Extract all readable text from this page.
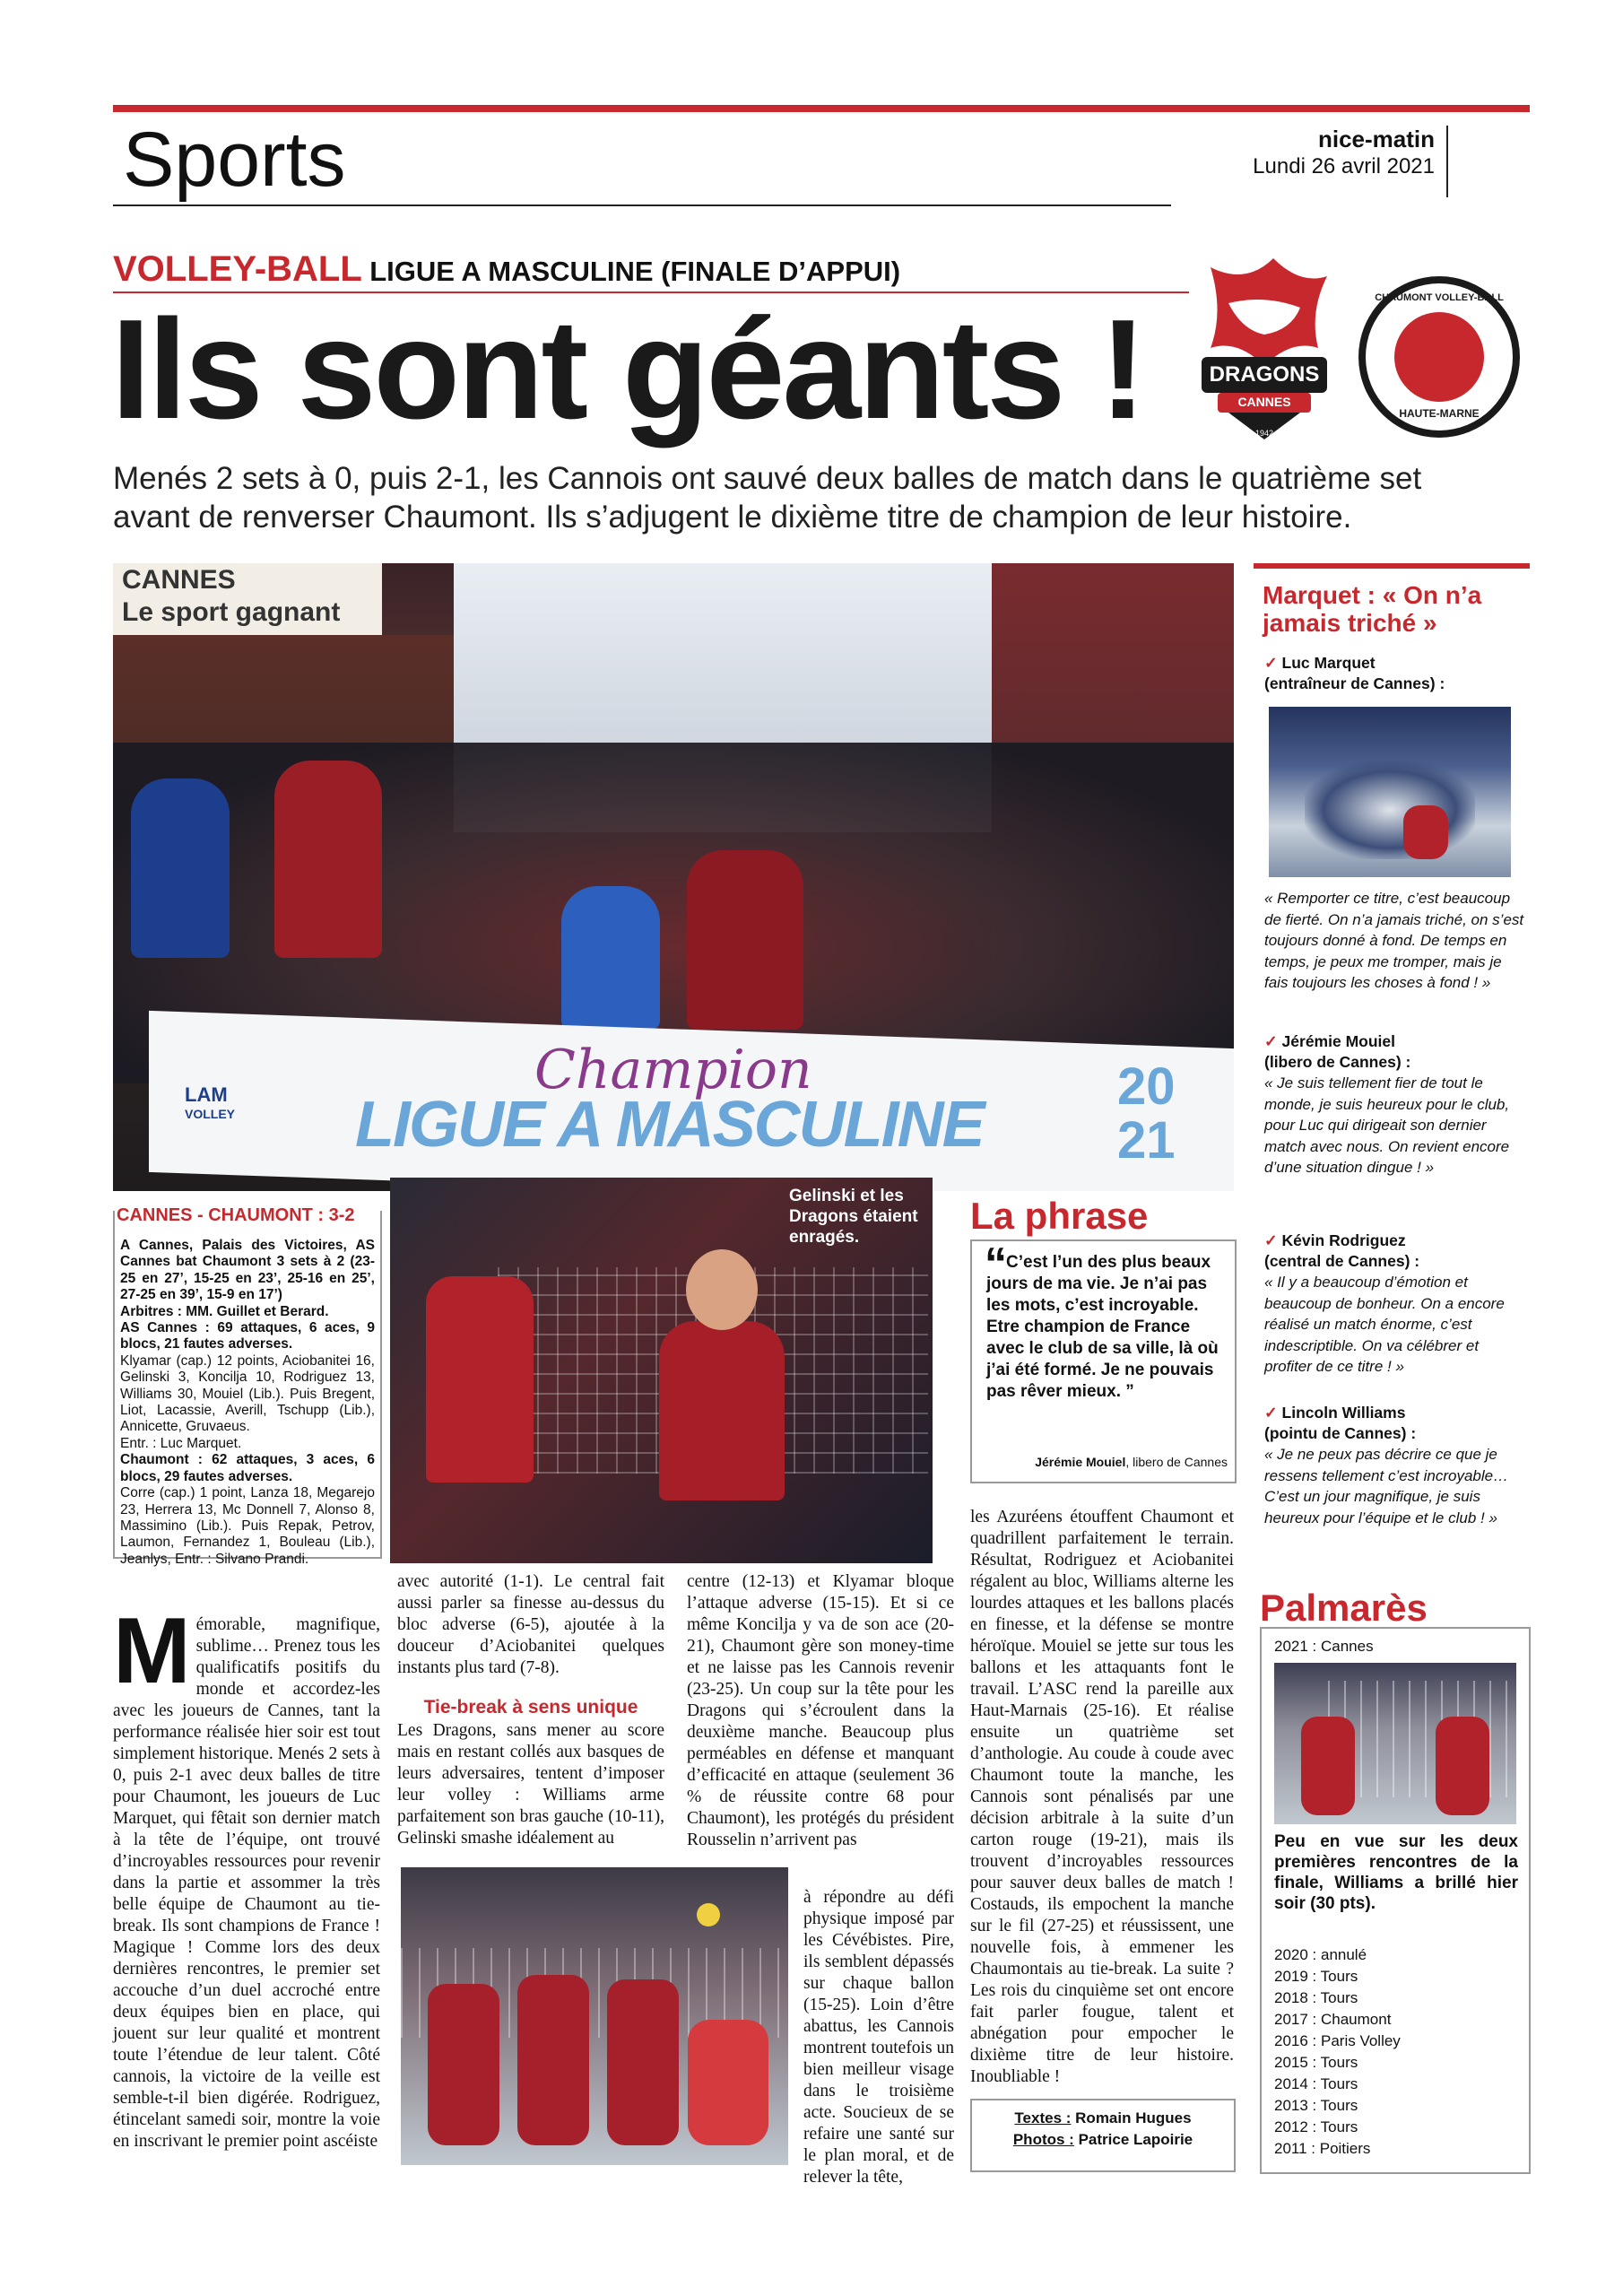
Sports	nice-matin
Lundi 26 avril 2021
VOLLEY-BALL LIGUE A MASCULINE (FINALE D’APPUI)
Ils sont géants !
Menés 2 sets à 0, puis 2-1, les Cannois ont sauvé deux balles de match dans le quatrième set avant de renverser Chaumont. Ils s’adjugent le dixième titre de champion de leur histoire.
DRAGONS
CANNES
1942
CHAUMONT VOLLEY-BALL
HAUTE-MARNE
CANNES
Le sport gagnant
LAM
VOLLEY
Champion
LIGUE A MASCULINE
20
21
Gelinski et les Dragons étaient enragés.
CANNES - CHAUMONT : 3-2
A Cannes, Palais des Victoires, AS Cannes bat Chaumont 3 sets à 2 (23-25 en 27’, 15-25 en 23’, 25-16 en 25’, 27-25 en 39’, 15-9 en 17’)
Arbitres : MM. Guillet et Berard.
AS Cannes : 69 attaques, 6 aces, 9 blocs, 21 fautes adverses.
Klyamar (cap.) 12 points, Aciobanitei 16, Gelinski 3, Koncilja 10, Rodriguez 13, Williams 30, Mouiel (Lib.). Puis Bregent, Liot, Lacassie, Averill, Tschupp (Lib.), Annicette, Gruvaeus.
Entr. : Luc Marquet.
Chaumont : 62 attaques, 3 aces, 6 blocs, 29 fautes adverses.
Corre (cap.) 1 point, Lanza 18, Megarejo 23, Herrera 13, Mc Donnell 7, Alonso 8, Massimino (Lib.). Puis Repak, Petrov, Laumon, Fernandez 1, Bouleau (Lib.), Jeanlys, Entr. : Silvano Prandi.
La phrase
“ C’est l’un des plus beaux jours de ma vie. Je n’ai pas les mots, c’est incroyable. Etre champion de France avec le club de sa ville, là où j’ai été formé. Je ne pouvais pas rêver mieux. ”
Jérémie Mouiel, libero de Cannes
M émorable, magnifique, sublime… Prenez tous les qualificatifs positifs du monde et accordez-les avec les joueurs de Cannes, tant la performance réalisée hier soir est tout simplement historique. Menés 2 sets à 0, puis 2-1 avec deux balles de titre pour Chaumont, les joueurs de Luc Marquet, qui fêtait son dernier match à la tête de l’équipe, ont trouvé d’incroyables ressources pour revenir dans la partie et assommer la très belle équipe de Chaumont au tie-break. Ils sont champions de France ! Magique ! Comme lors des deux dernières rencontres, le premier set accouche d’un duel accroché entre deux équipes bien en place, qui jouent sur leur qualité et montrent toute l’étendue de leur talent. Côté cannois, la victoire de la veille est semble-t-il bien digérée. Rodriguez, étincelant samedi soir, montre la voie en inscrivant le premier point ascéiste

avec autorité (1-1). Le central fait aussi parler sa finesse au-dessus du bloc adverse (6-5), ajoutée à la douceur d’Aciobanitei quelques instants plus tard (7-8).

Tie-break à sens unique

Les Dragons, sans mener au score mais en restant collés aux basques de leurs adversaires, tentent d’imposer leur volley : Williams arme parfaitement son bras gauche (10-11), Gelinski smashe idéalement au

centre (12-13) et Klyamar bloque l’attaque adverse (15-15). Et si ce même Koncilja y va de son ace (20-21), Chaumont gère son money-time et ne laisse pas les Cannois revenir (23-25). Un coup sur la tête pour les Dragons qui s’écroulent dans la deuxième manche. Beaucoup plus perméables en défense et manquant d’efficacité en attaque (seulement 36 % de réussite contre 68 pour Chaumont), les protégés du président Rousselin n’arrivent pas

à répondre au défi physique imposé par les Cévébistes. Pire, ils semblent dépassés sur chaque ballon (15-25). Loin d’être abattus, les Cannois montrent toutefois un bien meilleur visage dans le troisième acte. Soucieux de se refaire une santé sur le plan moral, et de relever la tête,

les Azuréens étouffent Chaumont et quadrillent parfaitement le terrain. Résultat, Rodriguez et Aciobanitei régalent au bloc, Williams alterne les lourdes attaques et les ballons placés en finesse, et la défense se montre héroïque. Mouiel se jette sur tous les ballons et les attaquants font le travail. L’ASC rend la pareille aux Haut-Marnais (25-16). Et réalise ensuite un quatrième set d’anthologie. Au coude à coude avec Chaumont toute la manche, les Cannois sont pénalisés par une décision arbitrale à la suite d’un carton rouge (19-21), mais ils trouvent d’incroyables ressources pour sauver deux balles de match ! Costauds, ils empochent la manche sur le fil (27-25) et réussissent, une nouvelle fois, à emmener les Chaumontais au tie-break. La suite ? Les rois du cinquième set ont encore fait parler fougue, talent et abnégation pour empocher le dixième titre de leur histoire. Inoubliable !

Textes : Romain Hugues
Photos : Patrice Lapoirie
Marquet : « On n’a jamais triché »
✓ Luc Marquet
(entraîneur de Cannes) :
« Remporter ce titre, c’est beaucoup de fierté. On n’a jamais triché, on s’est toujours donné à fond. De temps en temps, je peux me tromper, mais je fais toujours les choses à fond ! »
✓ Jérémie Mouiel
(libero de Cannes) :
« Je suis tellement fier de tout le monde, je suis heureux pour le club, pour Luc qui dirigeait son dernier match avec nous. On revient encore d’une situation dingue ! »
✓ Kévin Rodriguez
(central de Cannes) :
« Il y a beaucoup d’émotion et beaucoup de bonheur. On a encore réalisé un match énorme, c’est indescriptible. On va célébrer et profiter de ce titre ! »
✓ Lincoln Williams
(pointu de Cannes) :
« Je ne peux pas décrire ce que je ressens tellement c’est incroyable… C’est un jour magnifique, je suis heureux pour l’équipe et le club ! »
Palmarès
2021 : Cannes
Peu en vue sur les deux premières rencontres de la finale, Williams a brillé hier soir (30 pts).
2020 : annulé
2019 : Tours
2018 : Tours
2017 : Chaumont
2016 : Paris Volley
2015 : Tours
2014 : Tours
2013 : Tours
2012 : Tours
2011 : Poitiers
